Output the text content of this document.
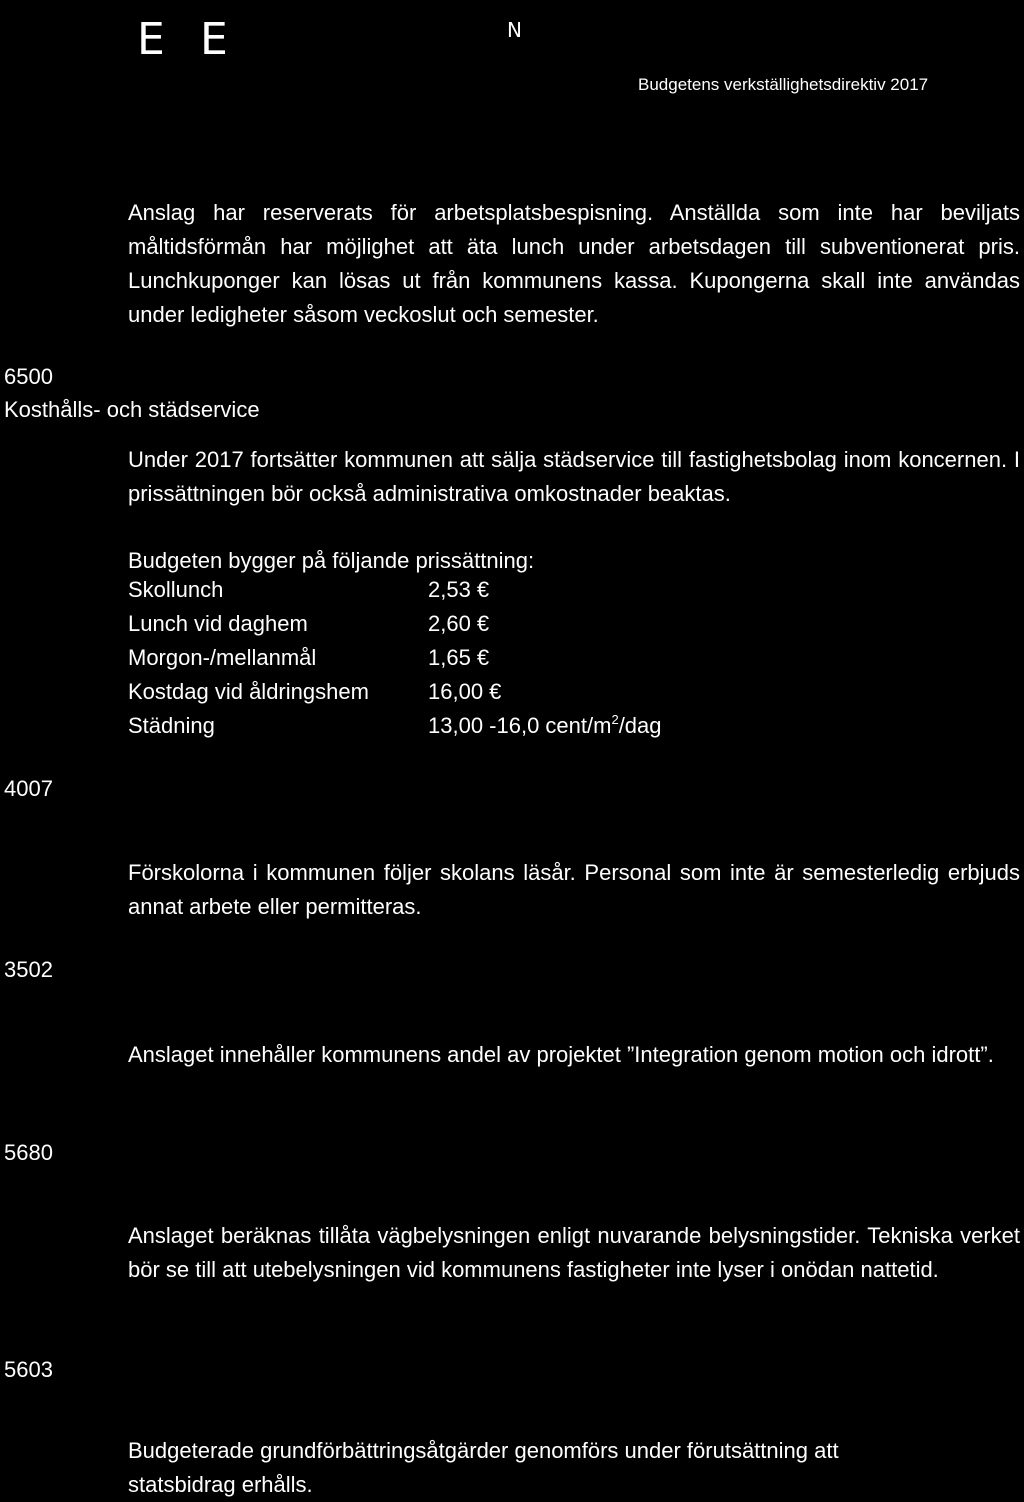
E E	N
Budgetens verkställighetsdirektiv 2017
Anslag har reserverats för arbetsplatsbespisning. Anställda som inte har beviljats måltidsförmån har möjlighet att äta lunch under arbetsdagen till subventionerat pris. Lunchkuponger kan lösas ut från kommunens kassa. Kupongerna skall inte användas under ledigheter såsom veckoslut och semester.
6500
Kosthålls- och städservice
Under 2017 fortsätter kommunen att sälja städservice till fastighetsbolag inom koncernen. I prissättningen bör också administrativa omkostnader beaktas.
Budgeten bygger på följande prissättning:
Skollunch	2,53 €
Lunch vid daghem	2,60 €
Morgon-/mellanmål	1,65 €
Kostdag vid åldringshem	16,00 €
Städning	13,00 -16,0 cent/$m^2$/dag
4007
Förskolorna i kommunen följer skolans läsår. Personal som inte är semesterledig erbjuds annat arbete eller permitteras.
3502
Anslaget innehåller kommunens andel av projektet ”Integration genom motion och idrott”.
5680
Anslaget beräknas tillåta vägbelysningen enligt nuvarande belysningstider. Tekniska verket bör se till att utebelysningen vid kommunens fastigheter inte lyser i onödan nattetid.
5603
Budgeterade grundförbättringsåtgärder genomförs under förutsättning att statsbidrag erhålls.
